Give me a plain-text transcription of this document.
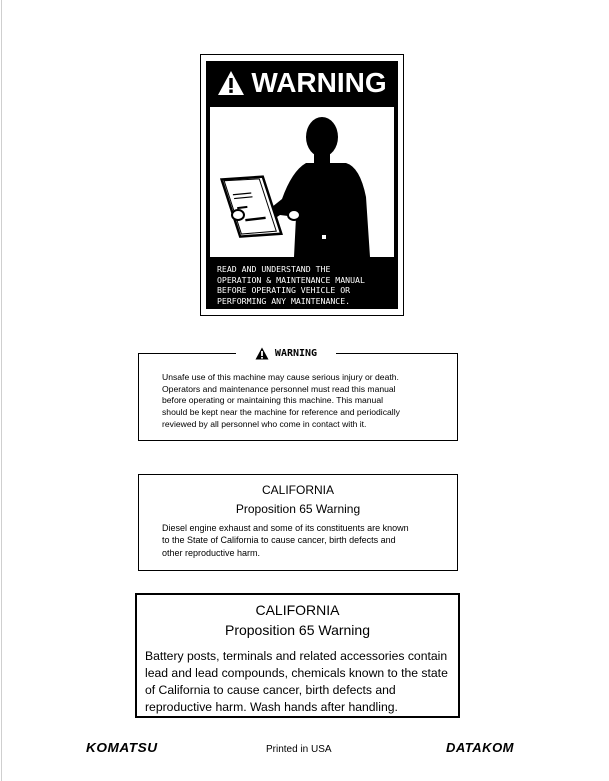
WARNING
READ AND UNDERSTAND THE
OPERATION & MAINTENANCE MANUAL
BEFORE OPERATING VEHICLE OR
PERFORMING ANY MAINTENANCE.
WARNING
Unsafe use of this machine may cause serious injury or death.
Operators and maintenance personnel must read this manual
before operating or maintaining this machine. This manual
should be kept near the machine for reference and periodically
reviewed by all personnel who come in contact with it.
CALIFORNIA
Proposition 65 Warning
Diesel engine exhaust and some of its constituents are known
to the State of California to cause cancer, birth defects and
other reproductive harm.
CALIFORNIA
Proposition 65 Warning
Battery posts, terminals and related accessories contain
lead and lead compounds, chemicals known to the state
of California to cause cancer, birth defects and
reproductive harm. Wash hands after handling.
KOMATSU	Printed in USA	DATAKOM
